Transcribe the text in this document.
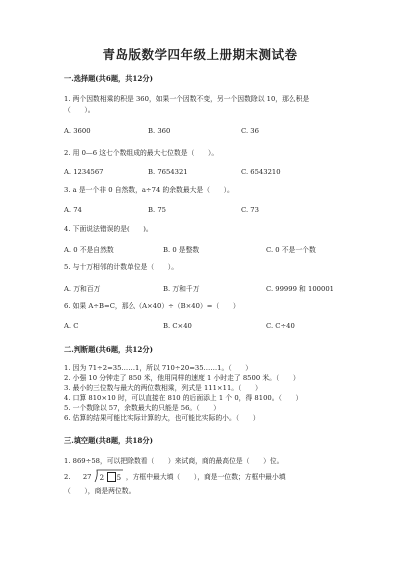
青岛版数学四年级上册期末测试卷
一.选择题(共6题，共12分)
1. 两个因数相乘的积是 360，如果一个因数不变，另一个因数除以 10，那么积是
（　　）。
A. 3600	B. 360	C. 36
2. 用 0—6 这七个数组成的最大七位数是（　　）。
A. 1234567	B. 7654321	C. 6543210
3. a 是一个非 0 自然数，a÷74 的余数最大是（　　）。
A. 74	B. 75	C. 73
4. 下面说法错误的是(　　)。
A. 0 不是自然数	B. 0 是整数	C. 0 不是一个数
5. 与十万相邻的计数单位是（　　）。
A. 万和百万	B. 万和千万	C. 99999 和 100001
6. 如果 A÷B=C，那么（A×40）÷（B×40）=（　　）
A. C	B. C×40	C. C÷40
二.判断题(共6题，共12分)
1. 因为 71÷2=35……1，所以 710÷20=35……1。（　　）
2. 小强 10 分钟走了 850 米，他用同样的速度 1 小时走了 8500 米。（　　）
3. 最小的三位数与最大的两位数相乘，列式是 111×11。（　　）
4. 口算 810×10 时，可以直接在 810 的后面添上 1 个 0，得 8100。（　　）
5. 一个数除以 57，余数最大的只能是 56。（　　）
6. 估算的结果可能比实际计算的大，也可能比实际的小。（　　）
三.填空题(共8题，共18分)
1. 869÷58，可以把除数看（　　）来试商，商的最高位是（　　）位。
2. 27 2 5 ，方框中最大填（　　），商是一位数；方框中最小填
（　　），商是两位数。
